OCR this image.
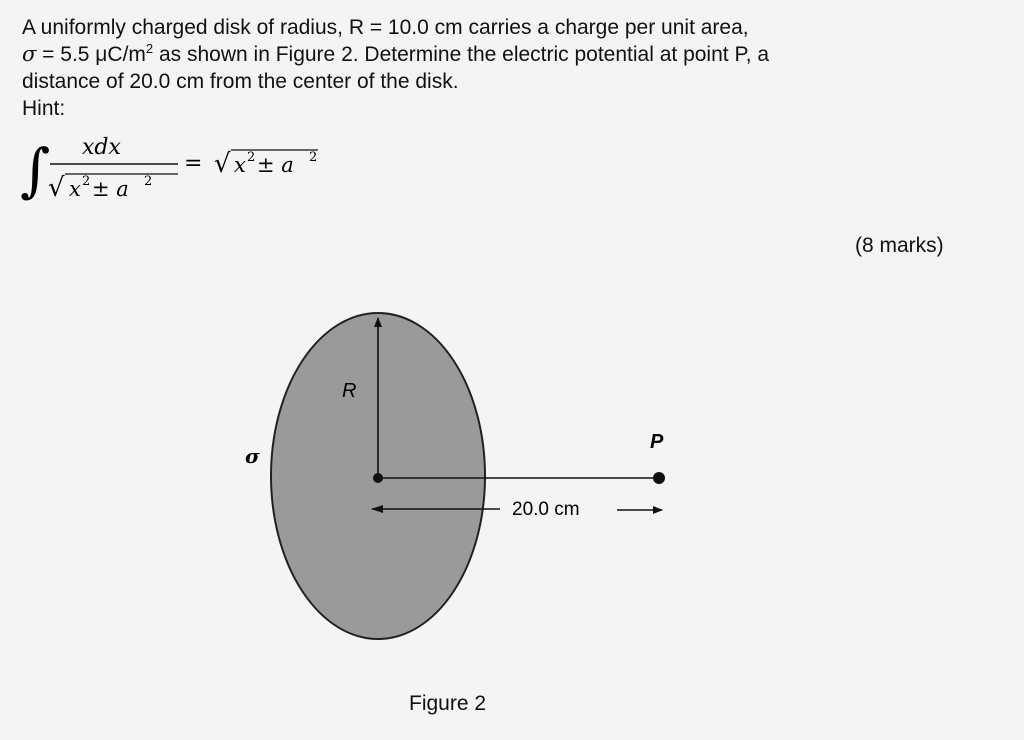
A uniformly charged disk of radius, R = 10.0 cm carries a charge per unit area,
σ = 5.5 $\mu C/m^2$ as shown in Figure 2. Determine the electric potential at point P, a
distance of 20.0 cm from the center of the disk.
Hint:
∫ xdx
√ x 2 ± a 2
= √ x 2 ± a 2
(8 marks)
R
σ
P
20.0 cm
Figure 2
